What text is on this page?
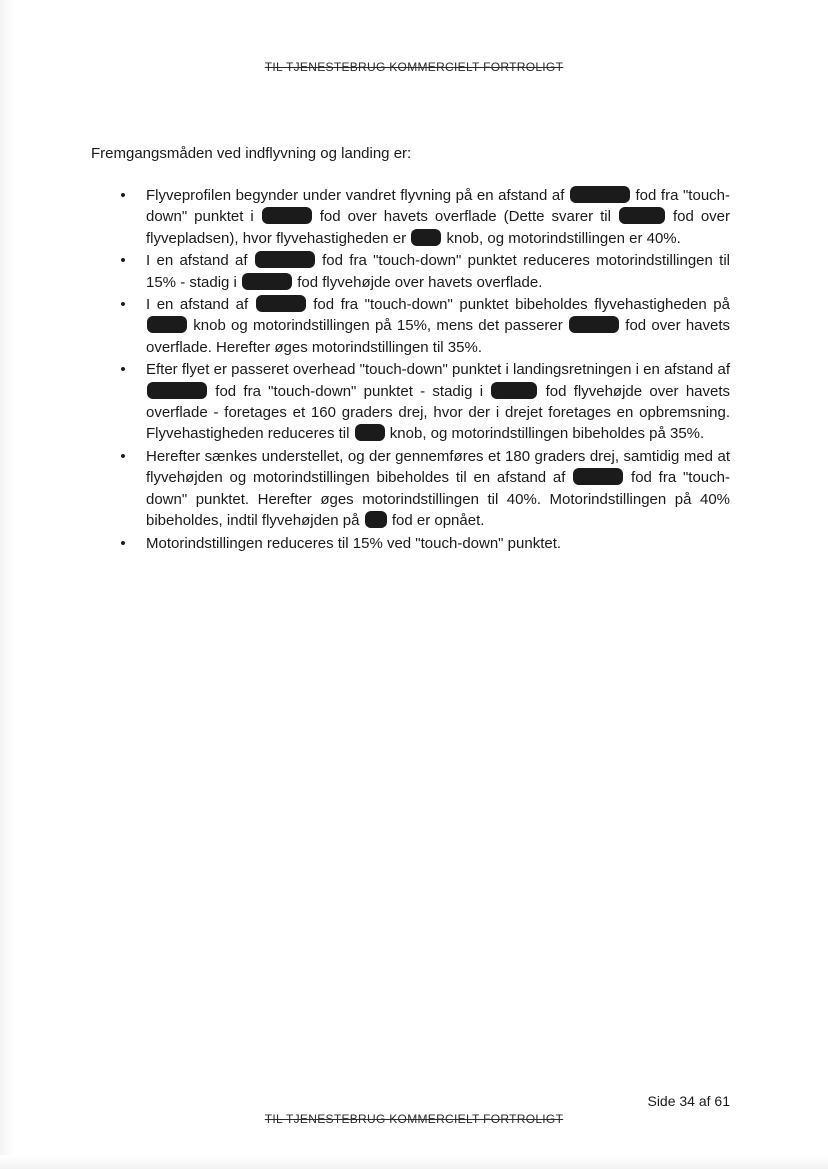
TIL TJENESTEBRUG KOMMERCIELT FORTROLIGT
Fremgangsmåden ved indflyvning og landing er:
• Flyveprofilen begynder under vandret flyvning på en afstand af	fod fra "touch-down" punktet i	fod over havets overflade (Dette svarer til	fod over flyvepladsen), hvor flyvehastigheden er	knob, og motorindstillingen er 40%.
• I en afstand af	fod fra "touch-down" punktet reduceres motorindstillingen til 15% - stadig i	fod flyvehøjde over havets overflade.
• I en afstand af	fod fra "touch-down" punktet bibeholdes flyvehastigheden på  knob og motorindstillingen på 15%, mens det passerer	fod over havets overflade. Herefter øges motorindstillingen til 35%.
• Efter flyet er passeret overhead "touch-down" punktet i landingsretningen i en afstand af  fod fra "touch-down" punktet - stadig i	fod flyvehøjde over havets overflade - foretages et 160 graders drej, hvor der i drejet foretages en opbremsning. Flyvehastigheden reduceres til	knob, og motorindstillingen bibeholdes på 35%.
• Herefter sænkes understellet, og der gennemføres et 180 graders drej, samtidig med at flyvehøjden og motorindstillingen bibeholdes til en afstand af	fod fra "touch-down" punktet. Herefter øges motorindstillingen til 40%. Motorindstillingen på 40% bibeholdes, indtil flyvehøjden på fod er opnået.
• Motorindstillingen reduceres til 15% ved "touch-down" punktet.
Side 34 af 61
TIL TJENESTEBRUG KOMMERCIELT FORTROLIGT
